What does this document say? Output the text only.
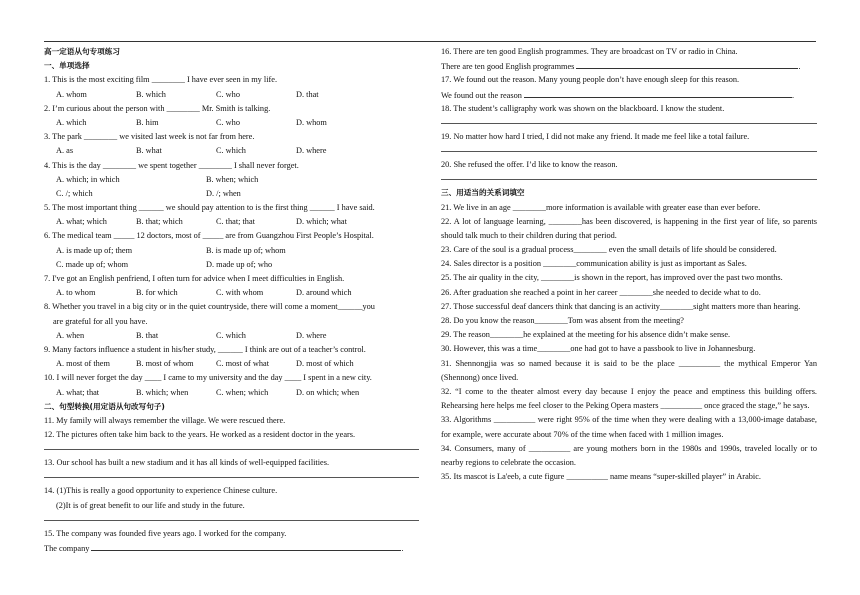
高一定语从句专项练习
一、单项选择
1. This is the most exciting film ________ I have ever seen in my life.
A. whom	B. which	C. who	D. that
2. I’m curious about the person with ________ Mr. Smith is talking.
A. which	B. him	C. who	D. whom
3. The park ________ we visited last week is not far from here.
A. as	B. what	C. which	D. where
4. This is the day ________ we spent together ________ I shall never forget.
A. which; in which	B. when; which
C. /; which	D. /; when
5. The most important thing ______ we should pay attention to is the first thing ______ I have said.
A. what; which	B. that; which	C. that; that	D. which; what
6. The medical team _____ 12 doctors, most of _____ are from Guangzhou First People’s Hospital.
A. is made up of; them	B. is made up of; whom
C. made up of; whom	D. made up of; who
7. I've got an English penfriend, I often turn for advice when I meet difficulties in English.
A. to whom	B. for which	C. with whom	D. around which
8. Whether you travel in a big city or in the quiet countryside, there will come a moment______you
are grateful for all you have.
A. when	B. that	C. which	D. where
9. Many factors influence a student in his/her study, ______ I think are out of a teacher’s control.
A. most of them	B. most of whom	C. most of what	D. most of which
10. I will never forget the day ____ I came to my university and the day ____ I spent in a new city.
A. what; that	B. which; when	C. when; which	D. on which; when
二、句型转换(用定语从句改写句子)
11. My family will always remember the village. We were rescued there.
12. The pictures often take him back to the years. He worked as a resident doctor in the years.
13. Our school has built a new stadium and it has all kinds of well-equipped facilities.
14. (1)This is really a good opportunity to experience Chinese culture.
(2)It is of great benefit to our life and study in the future.
15. The company was founded five years ago. I worked for the company.
The company	.
16. There are ten good English programmes. They are broadcast on TV or radio in China.
There are ten good English programmes	.
17. We found out the reason. Many young people don’t have enough sleep for this reason.
We found out the reason	.
18. The student’s calligraphy work was shown on the blackboard. I know the student.
19. No matter how hard I tried, I did not make any friend. It made me feel like a total failure.
20. She refused the offer. I’d like to know the reason.
三、用适当的关系词填空
21. We live in an age ________more information is available with greater ease than ever before.
22. A lot of language learning, ________has been discovered, is happening in the first year of life, so parents should talk much to their children during that period.
23. Care of the soul is a gradual process________ even the small details of life should be considered.
24. Sales director is a position ________communication ability is just as important as Sales.
25. The air quality in the city, ________is shown in the report, has improved over the past two months.
26. After graduation she reached a point in her career ________she needed to decide what to do.
27. Those successful deaf dancers think that dancing is an activity________sight matters more than hearing.
28. Do you know the reason________Tom was absent from the meeting?
29. The reason________he explained at the meeting for his absence didn’t make sense.
30. However, this was a time________one had got to have a passbook to live in Johannesburg.
31. Shennongjia was so named because it is said to be the place __________ the mythical Emperor Yan (Shennong) once lived.
32. “I come to the theater almost every day because I enjoy the peace and emptiness this building offers. Rehearsing here helps me feel closer to the Peking Opera masters __________ once graced the stage,” he says.
33. Algorithms __________ were right 95% of the time when they were dealing with a 13,000-image database, for example, were accurate about 70% of the time when faced with 1 million images.
34. Consumers, many of __________ are young mothers born in the 1980s and 1990s, traveled locally or to nearby regions to celebrate the occasion.
35. Its mascot is La'eeb, a cute figure __________ name means “super-skilled player” in Arabic.
